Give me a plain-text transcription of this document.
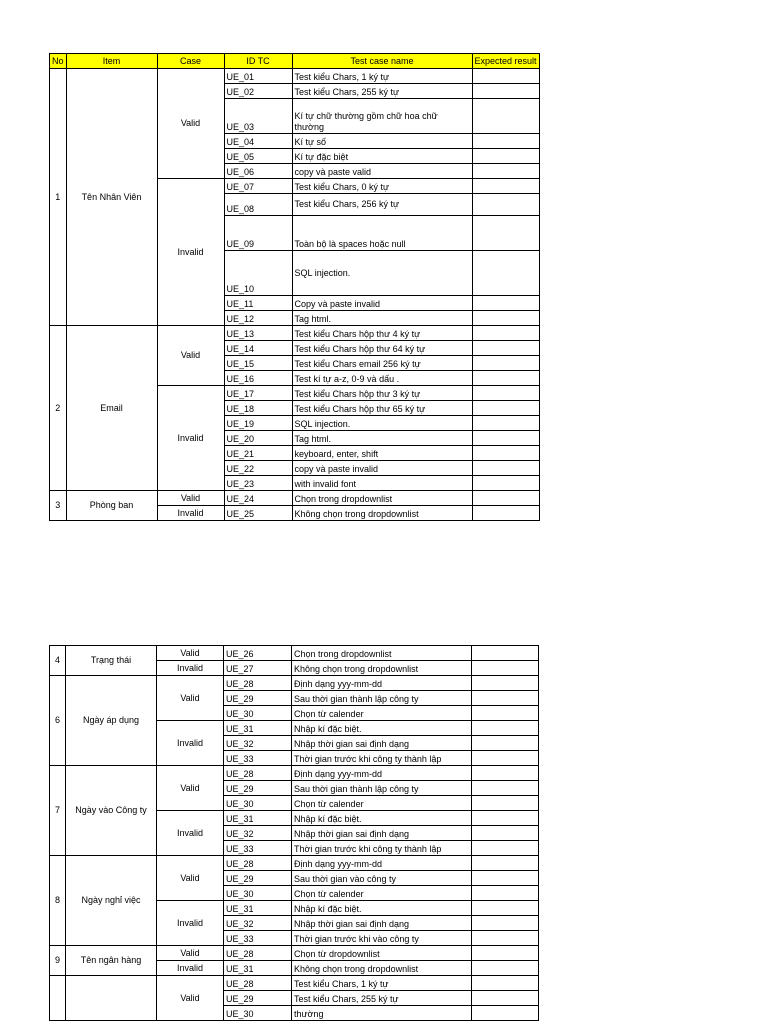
No	Item	Case	ID TC	Test case name	Expected result
1	Tên Nhân Viên	Valid	UE_01	Test kiểu Chars, 1 ký tự	
			UE_02	Test kiểu Chars, 255 ký tự	
			UE_03	Kí tự chữ thường gồm chữ hoa chữ thường	
			UE_04	Kí tự số	
			UE_05	Kí tự đặc biệt	
			UE_06	copy và paste valid	
		Invalid	UE_07	Test kiểu Chars, 0 ký tự	
			UE_08	Test kiểu Chars, 256 ký tự	
			UE_09	Toàn bộ là spaces hoặc null	
			UE_10	SQL injection.	
			UE_11	Copy và paste invalid	
			UE_12	Tag html.	
2	Email	Valid	UE_13	Test kiểu Chars hộp thư 4 ký tự	
			UE_14	Test kiểu Chars hộp thư 64 ký tự	
			UE_15	Test kiểu Chars email 256 ký tự	
			UE_16	Test kí tự a-z, 0-9 và dấu .	
		Invalid	UE_17	Test kiểu Chars hộp thư 3 ký tự	
			UE_18	Test kiểu Chars hộp thư 65 ký tự	
			UE_19	SQL injection.	
			UE_20	Tag html.	
			UE_21	keyboard, enter, shift	
			UE_22	copy và paste invalid	
			UE_23	with invalid font	
3	Phòng ban	Valid	UE_24	Chọn trong dropdownlist	
		Invalid	UE_25	Không chọn trong dropdownlist	
4	Trạng thái	Valid	UE_26	Chọn trong dropdownlist	
		Invalid	UE_27	Không chọn trong dropdownlist	
6	Ngày áp dụng	Valid	UE_28	Định dạng yyy-mm-dd	
			UE_29	Sau thời gian thành lập công ty	
			UE_30	Chọn từ calender	
		Invalid	UE_31	Nhập kí đặc biệt.	
			UE_32	Nhập thời gian sai định dạng	
			UE_33	Thời gian trước khi công ty thành lập	
7	Ngày vào Công ty	Valid	UE_28	Định dạng yyy-mm-dd	
			UE_29	Sau thời gian thành lập công ty	
			UE_30	Chọn từ calender	
		Invalid	UE_31	Nhập kí đặc biệt.	
			UE_32	Nhập thời gian sai định dạng	
			UE_33	Thời gian trước khi công ty thành lập	
8	Ngày nghỉ việc	Valid	UE_28	Định dạng yyy-mm-dd	
			UE_29	Sau thời gian vào công ty	
			UE_30	Chọn từ calender	
		Invalid	UE_31	Nhập kí đặc biệt.	
			UE_32	Nhập thời gian sai định dạng	
			UE_33	Thời gian trước khi vào công ty	
9	Tên ngân hàng	Valid	UE_28	Chọn từ dropdownlist	
		Invalid	UE_31	Không chọn trong dropdownlist	
		Valid	UE_28	Test kiểu Chars, 1 ký tự	
			UE_29	Test kiểu Chars, 255 ký tự	
			UE_30	thường	
